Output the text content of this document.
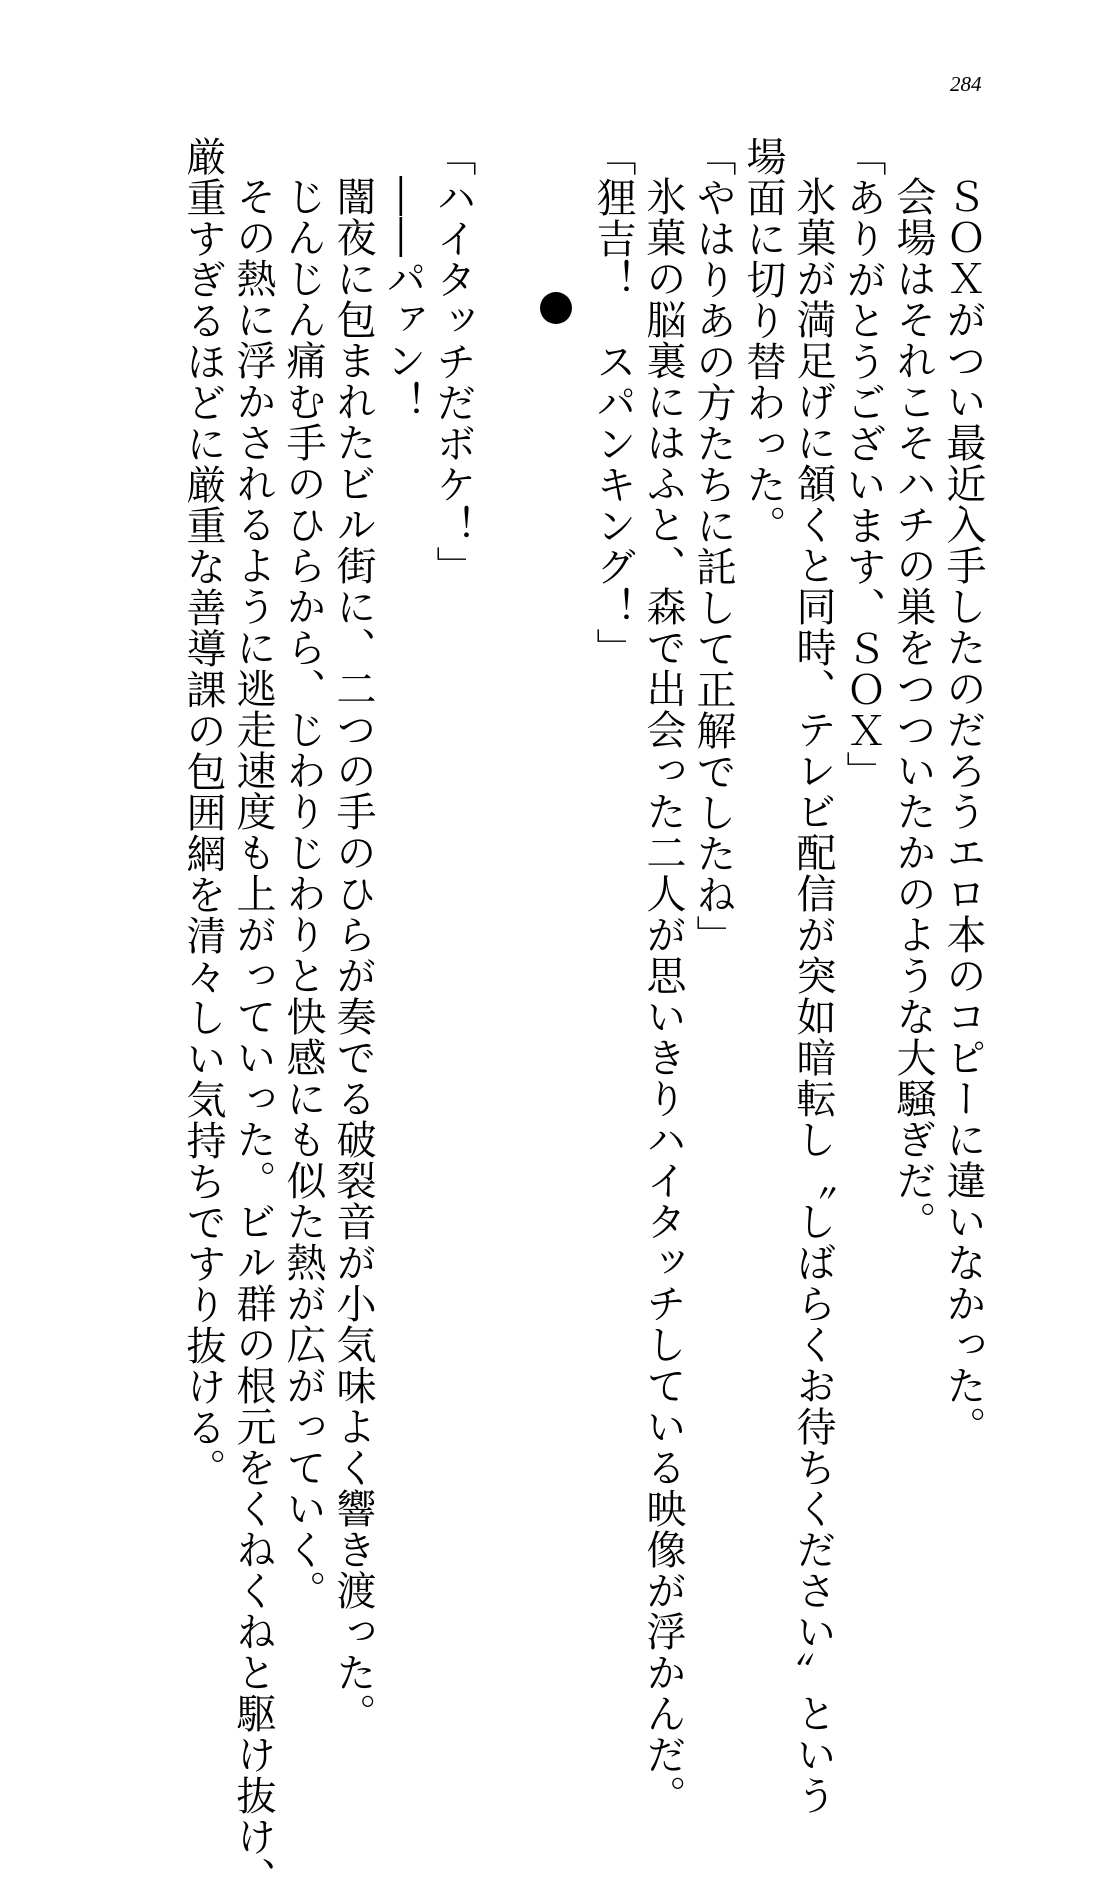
284
ＳＯＸがつい最近入手したのだろうエロ本のコピーに違いなかった。
会場はそれこそハチの巣をつついたかのような大騒ぎだ。
「ありがとうございます、ＳＯＸ」
氷菓が満足げに頷くと同時、テレビ配信が突如暗転し〝しばらくお待ちください〟という
場面に切り替わった。
「やはりあの方たちに託して正解でしたね」
氷菓の脳裏にはふと、森で出会った二人が思いきりハイタッチしている映像が浮かんだ。
「狸吉！　スパンキング！」
「ハイタッチだボケ！」
――パァン！
闇夜に包まれたビル街に、二つの手のひらが奏でる破裂音が小気味よく響き渡った。
じんじん痛む手のひらから、じわりじわりと快感にも似た熱が広がっていく。
その熱に浮かされるように逃走速度も上がっていった。ビル群の根元をくねくねと駆け抜け、
厳重すぎるほどに厳重な善導課の包囲網を清々しい気持ちですり抜ける。
